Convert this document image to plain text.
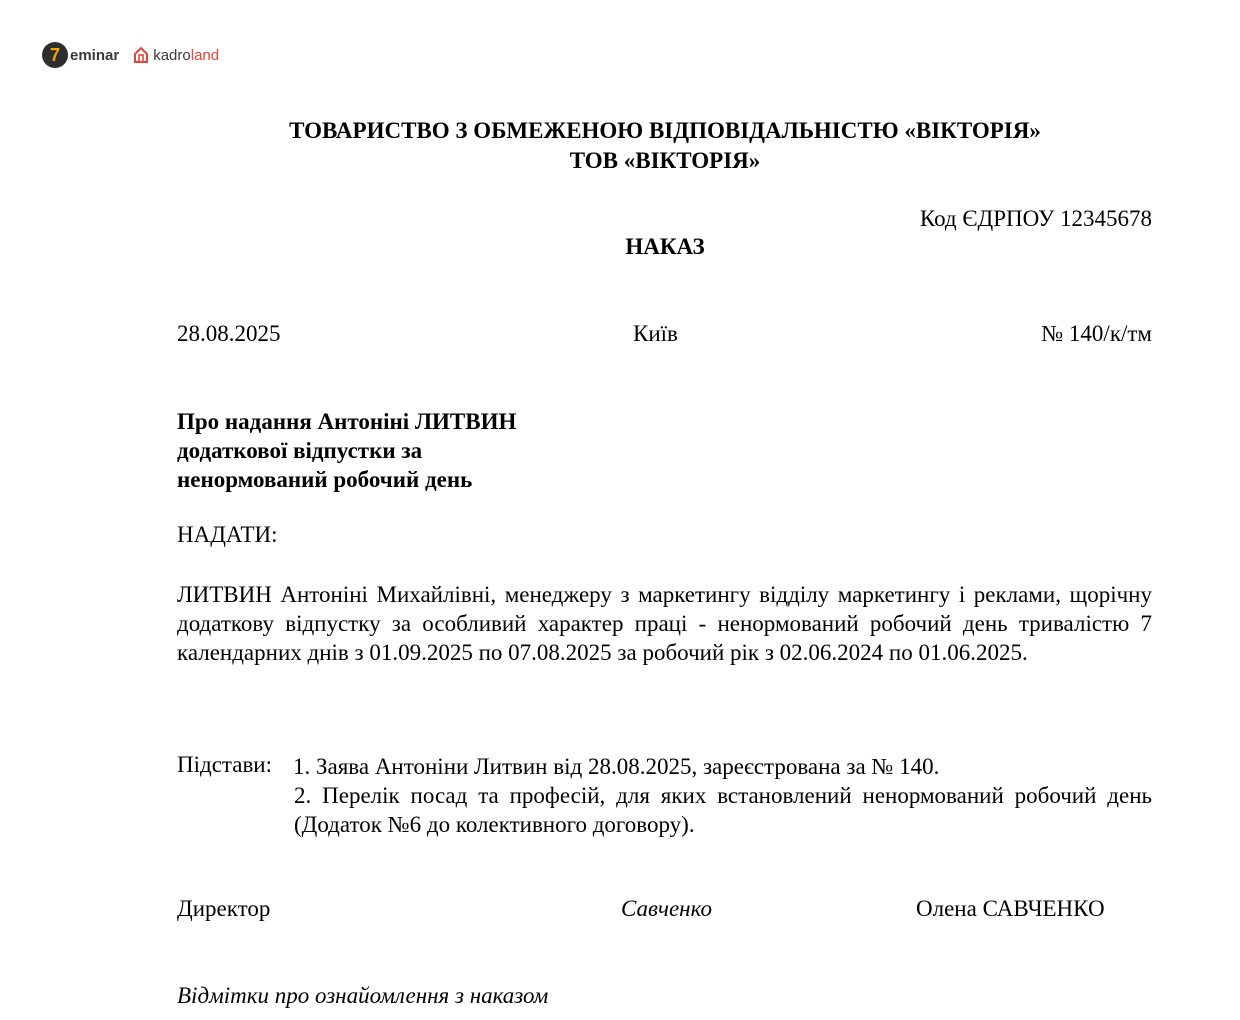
7 eminar kadroland
ТОВАРИСТВО З ОБМЕЖЕНОЮ ВІДПОВІДАЛЬНІСТЮ «ВІКТОРІЯ»
ТОВ «ВІКТОРІЯ»
Код ЄДРПОУ 12345678
НАКАЗ
28.08.2025	Київ	№ 140/к/тм
Про надання Антоніні ЛИТВИН
додаткової відпустки за
ненормований робочий день
НАДАТИ:
ЛИТВИН Антоніні Михайлівні, менеджеру з маркетингу відділу маркетингу і реклами, щорічну додаткову відпустку за особливий характер праці - ненормований робочий день тривалістю 7 календарних днів з 01.09.2025 по 07.08.2025 за робочий рік з 02.06.2024 по 01.06.2025.
Підстави: 1. Заява Антоніни Литвин від 28.08.2025, зареєстрована за № 140.
2. Перелік посад та професій, для яких встановлений ненормований робочий день (Додаток №6 до колективного договору).
Директор	Савченко	Олена САВЧЕНКО
Відмітки про ознайомлення з наказом
